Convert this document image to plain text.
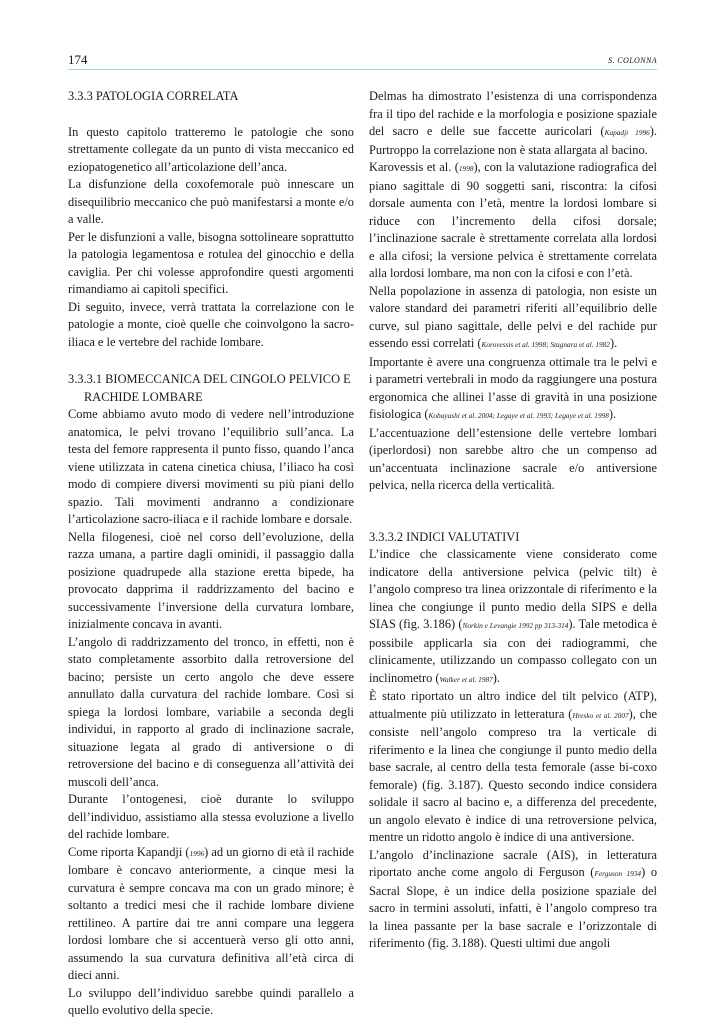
174	S. COLONNA
3.3.3 PATOLOGIA CORRELATA

In questo capitolo tratteremo le patologie che sono strettamente collegate da un punto di vista meccanico ed eziopatogenetico all’articolazione dell’anca.

La disfunzione della coxofemorale può innescare un disequilibrio meccanico che può manifestarsi a monte e/o a valle.

Per le disfunzioni a valle, bisogna sottolineare soprattutto la patologia legamentosa e rotulea del ginocchio e della caviglia. Per chi volesse approfondire questi argomenti rimandiamo ai capitoli specifici.

Di seguito, invece, verrà trattata la correlazione con le patologie a monte, cioè quelle che coinvolgono la sacro-iliaca e le vertebre del rachide lombare.

3.3.3.1 BIOMECCANICA DEL CINGOLO PELVICO E RACHIDE LOMBARE

Come abbiamo avuto modo di vedere nell’introduzione anatomica, le pelvi trovano l’equilibrio sull’anca. La testa del femore rappresenta il punto fisso, quando l’anca viene utilizzata in catena cinetica chiusa, l’iliaco ha così modo di compiere diversi movimenti su più piani dello spazio. Tali movimenti andranno a condizionare l’articolazione sacro-iliaca e il rachide lombare e dorsale.

Nella filogenesi, cioè nel corso dell’evoluzione, della razza umana, a partire dagli ominidi, il passaggio dalla posizione quadrupede alla stazione eretta bipede, ha provocato dapprima il raddrizzamento del bacino e successivamente l’inversione della curvatura lombare, inizialmente concava in avanti.

L’angolo di raddrizzamento del tronco, in effetti, non è stato completamente assorbito dalla retroversione del bacino; persiste un certo angolo che deve essere annullato dalla curvatura del rachide lombare. Così si spiega la lordosi lombare, variabile a seconda degli individui, in rapporto al grado di inclinazione sacrale, situazione legata al grado di antiversione o di retroversione del bacino e di conseguenza all’attività dei muscoli dell’anca.

Durante l’ontogenesi, cioè durante lo sviluppo dell’individuo, assistiamo alla stessa evoluzione a livello del rachide lombare.

Come riporta Kapandji (1996) ad un giorno di età il rachide lombare è concavo anteriormente, a cinque mesi la curvatura è sempre concava ma con un grado minore; è soltanto a tredici mesi che il rachide lombare diviene rettilineo. A partire dai tre anni compare una leggera lordosi lombare che si accentuerà verso gli otto anni, assumendo la sua curvatura definitiva all’età circa di dieci anni.

Lo sviluppo dell’individuo sarebbe quindi parallelo a quello evolutivo della specie.

Delmas ha dimostrato l’esistenza di una corrispondenza fra il tipo del rachide e la morfologia e posizione spaziale del sacro e delle sue faccette auricolari (Kapadji 1996). Purtroppo la correlazione non è stata allargata al bacino.

Karovessis et al. (1998), con la valutazione radiografica del piano sagittale di 90 soggetti sani, riscontra: la cifosi dorsale aumenta con l’età, mentre la lordosi lombare si riduce con l’incremento della cifosi dorsale; l’inclinazione sacrale è strettamente correlata alla lordosi e alla cifosi; la versione pelvica è strettamente correlata alla lordosi lombare, ma non con la cifosi e con l’età.

Nella popolazione in assenza di patologia, non esiste un valore standard dei parametri riferiti all’equilibrio delle curve, sul piano sagittale, delle pelvi e del rachide pur essendo essi correlati (Korovessis et al. 1998; Stagnara et al. 1982).

Importante è avere una congruenza ottimale tra le pelvi e i parametri vertebrali in modo da raggiungere una postura ergonomica che allinei l’asse di gravità in una posizione fisiologica (Kobayashi et al. 2004; Legaye et al. 1993; Legaye et al. 1998).

L’accentuazione dell’estensione delle vertebre lombari (iperlordosi) non sarebbe altro che un compenso ad un’accentuata inclinazione sacrale e/o antiversione pelvica, nella ricerca della verticalità.

3.3.3.2 INDICI VALUTATIVI

L’indice che classicamente viene considerato come indicatore della antiversione pelvica (pelvic tilt) è l’angolo compreso tra linea orizzontale di riferimento e la linea che congiunge il punto medio della SIPS e della SIAS (fig. 3.186) (Norkin e Levangie 1992 pp 313-314). Tale metodica è possibile applicarla sia con dei radiogrammi, che clinicamente, utilizzando un compasso collegato con un inclinometro (Walker et al. 1987).

È stato riportato un altro indice del tilt pelvico (ATP), attualmente più utilizzato in letteratura (Hresko et al. 2007), che consiste nell’angolo compreso tra la verticale di riferimento e la linea che congiunge il punto medio della base sacrale, al centro della testa femorale (asse bi-coxo femorale) (fig. 3.187). Questo secondo indice considera solidale il sacro al bacino e, a differenza del precedente, un angolo elevato è indice di una retroversione pelvica, mentre un ridotto angolo è indice di una antiversione.

L’angolo d’inclinazione sacrale (AIS), in letteratura riportato anche come angolo di Ferguson (Ferguson 1934) o Sacral Slope, è un indice della posizione spaziale del sacro in termini assoluti, infatti, è l’angolo compreso tra la linea passante per la base sacrale e l’orizzontale di riferimento (fig. 3.188). Questi ultimi due angoli
